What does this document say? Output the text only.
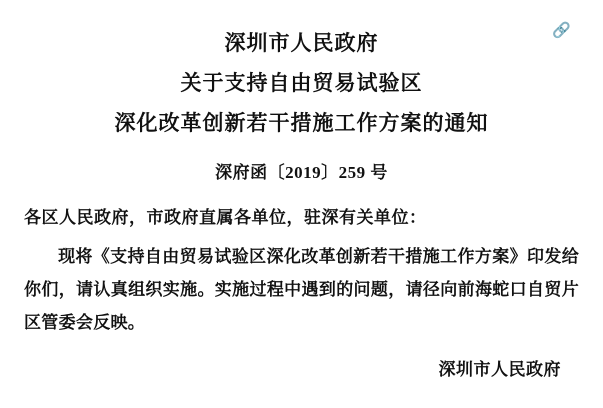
🔗
深圳市人民政府
关于支持自由贸易试验区
深化改革创新若干措施工作方案的通知
深府函〔2019〕259 号
各区人民政府，市政府直属各单位，驻深有关单位：
现将《支持自由贸易试验区深化改革创新若干措施工作方案》印发给你们，请认真组织实施。实施过程中遇到的问题，请径向前海蛇口自贸片区管委会反映。
深圳市人民政府
